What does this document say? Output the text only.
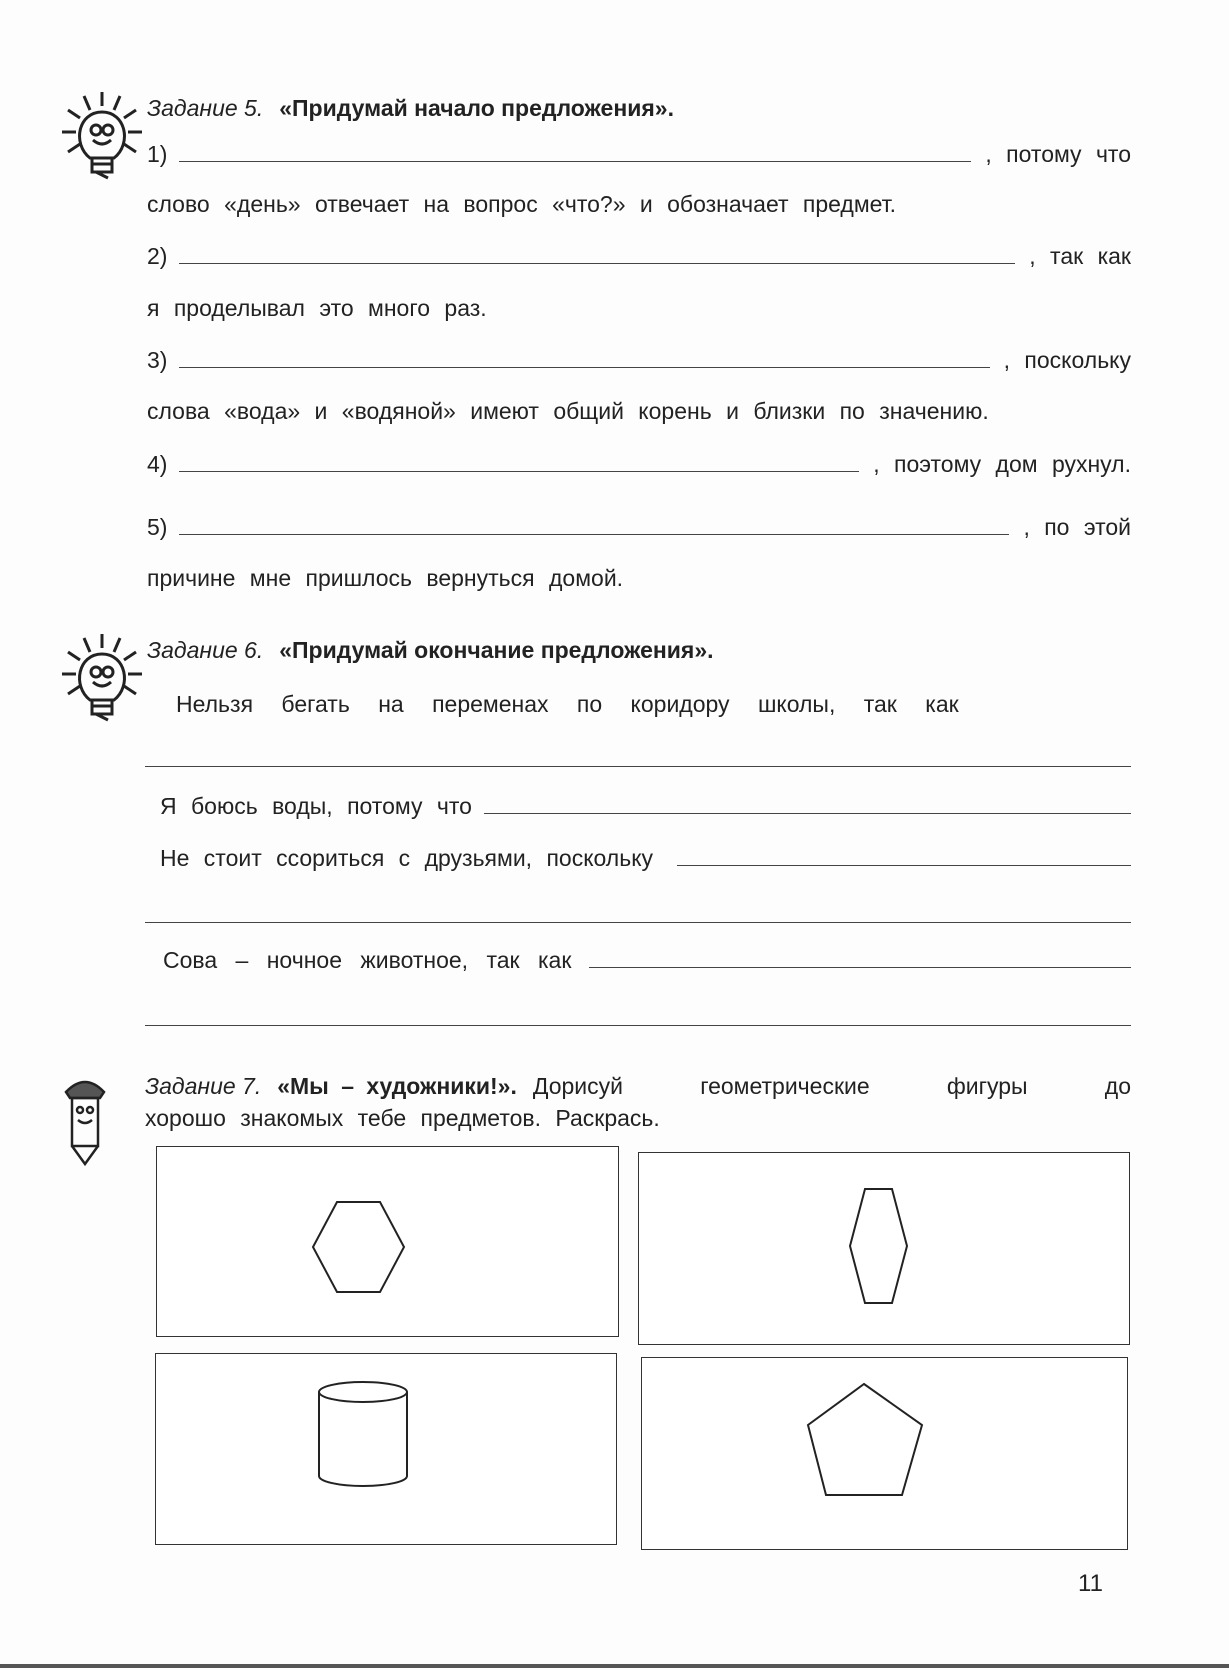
Задание 5. «Придумай начало предложения».
1)	, потому что
слово «день» отвечает на вопрос «что?» и обозначает предмет.
2)	, так как
я проделывал это много раз.
3)	, поскольку
слова «вода» и «водяной» имеют общий корень и близки по значению.
4)	, поэтому дом рухнул.
5)	, по этой
причине мне пришлось вернуться домой.
Задание 6. «Придумай окончание предложения».
Нельзя бегать на переменах по коридору школы, так как
Я боюсь воды, потому что
Не стоит ссориться с друзьями, поскольку
Сова – ночное животное, так как
Задание 7. «Мы – художники!». Дорисуй геометрические фигуры до
хорошо знакомых тебе предметов. Раскрась.
11
